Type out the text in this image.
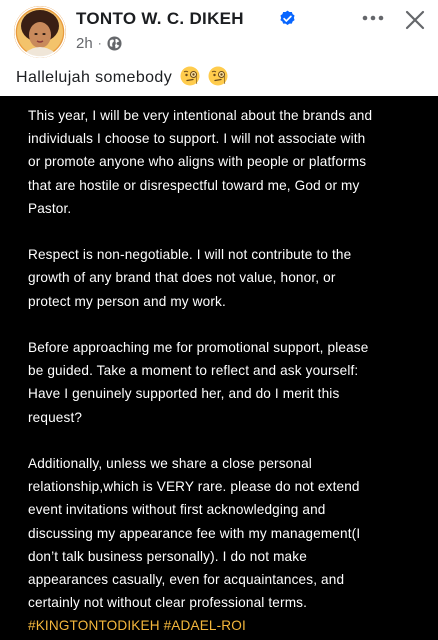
TONTO W. C. DIKEH
2h ·
Hallelujah somebody

This year, I will be very intentional about the brands and
individuals I choose to support. I will not associate with
or promote anyone who aligns with people or platforms
that are hostile or disrespectful toward me, God or my
Pastor.

Respect is non-negotiable. I will not contribute to the
growth of any brand that does not value, honor, or
protect my person and my work.

Before approaching me for promotional support, please
be guided. Take a moment to reflect and ask yourself:
Have I genuinely supported her, and do I merit this
request?

Additionally, unless we share a close personal
relationship,which is VERY rare. please do not extend
event invitations without first acknowledging and
discussing my appearance fee with my management(I
don’t talk business personally). I do not make
appearances casually, even for acquaintances, and
certainly not without clear professional terms.

#KINGTONTODIKEH #ADAEL-ROI
